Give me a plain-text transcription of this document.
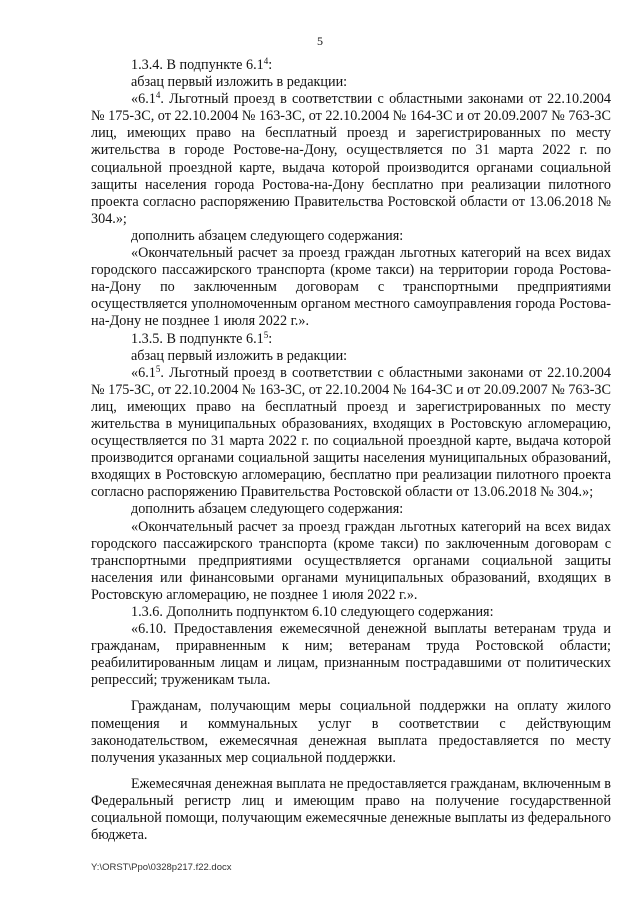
5

1.3.4. В подпункте $6.1^4$:

абзац первый изложить в редакции:

«$6.1^4$. Льготный проезд в соответствии с областными законами от 22.10.2004 № 175-ЗС, от 22.10.2004 № 163-ЗС, от 22.10.2004 № 164-ЗС и от 20.09.2007 № 763-ЗС лиц, имеющих право на бесплатный проезд и зарегистрированных по месту жительства в городе Ростове-на-Дону, осуществляется по 31 марта 2022 г. по социальной проездной карте, выдача которой производится органами социальной защиты населения города Ростова-на-Дону бесплатно при реализации пилотного проекта согласно распоряжению Правительства Ростовской области от 13.06.2018 № 304.»;

дополнить абзацем следующего содержания:

«Окончательный расчет за проезд граждан льготных категорий на всех видах городского пассажирского транспорта (кроме такси) на территории города Ростова-на-Дону по заключенным договорам с транспортными предприятиями осуществляется уполномоченным органом местного самоуправления города Ростова-на-Дону не позднее 1 июля 2022 г.».

1.3.5. В подпункте $6.1^5$:

абзац первый изложить в редакции:

«$6.1^5$. Льготный проезд в соответствии с областными законами от 22.10.2004 № 175-ЗС, от 22.10.2004 № 163-ЗС, от 22.10.2004 № 164-ЗС и от 20.09.2007 № 763-ЗС лиц, имеющих право на бесплатный проезд и зарегистрированных по месту жительства в муниципальных образованиях, входящих в Ростовскую агломерацию, осуществляется по 31 марта 2022 г. по социальной проездной карте, выдача которой производится органами социальной защиты населения муниципальных образований, входящих в Ростовскую агломерацию, бесплатно при реализации пилотного проекта согласно распоряжению Правительства Ростовской области от 13.06.2018 № 304.»;

дополнить абзацем следующего содержания:

«Окончательный расчет за проезд граждан льготных категорий на всех видах городского пассажирского транспорта (кроме такси) по заключенным договорам с транспортными предприятиями осуществляется органами социальной защиты населения или финансовыми органами муниципальных образований, входящих в Ростовскую агломерацию, не позднее 1 июля 2022 г.».

1.3.6. Дополнить подпунктом 6.10 следующего содержания:

«6.10. Предоставления ежемесячной денежной выплаты ветеранам труда и гражданам, приравненным к ним; ветеранам труда Ростовской области; реабилитированным лицам и лицам, признанным пострадавшими от политических репрессий; труженикам тыла.

Гражданам, получающим меры социальной поддержки на оплату жилого помещения и коммунальных услуг в соответствии с действующим законодательством, ежемесячная денежная выплата предоставляется по месту получения указанных мер социальной поддержки.

Ежемесячная денежная выплата не предоставляется гражданам, включенным в Федеральный регистр лиц и имеющим право на получение государственной социальной помощи, получающим ежемесячные денежные выплаты из федерального бюджета.

Y:\ORST\Ppo\0328p217.f22.docx
